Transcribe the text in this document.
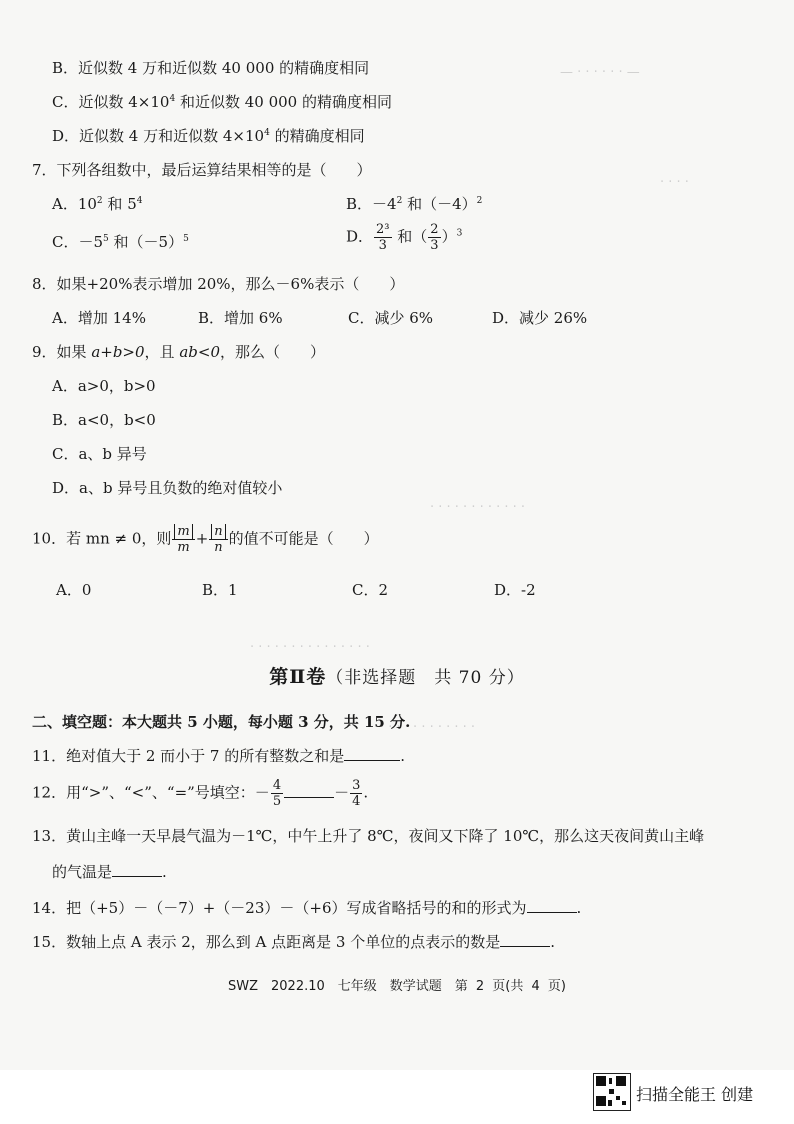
— · · · · · · —
· · · ·
· · · · · · · · · · · ·
· · · · · · · · · · · · · · ·
· · · · · · · · · · · ·
B．近似数 4 万和近似数 40 000 的精确度相同
C．近似数 $4\times 10^4$ 和近似数 40 000 的精确度相同
D．近似数 4 万和近似数 $4\times 10^4$ 的精确度相同
7．下列各组数中，最后运算结果相等的是（　　）
A．$10^2$ 和 $5^4$	B．$-4^2$ 和$(-4)^2$
C．$-5^5$ 和$(-5)^5$	D． $\frac{\text{2³}}{3}$ 和（ $\frac{2}{3} )^3$
8．如果+20%表示增加 20%，那么－6%表示（　　）
A．增加 14%	B．增加 6%	C．减少 6%	D．减少 26%
9．如果 a+b>0，且 ab<0，那么（　　）
A．a>0，b>0
B．a<0，b<0
C．a、b 异号
D．a、b 异号且负数的绝对值较小
10．若 mn ≠ 0，则 $\frac{m}{m} + \frac{n}{n}$ 的值不可能是（　　）
A．0	B．1	C．2	D．-2
第Ⅱ卷（非选择题　共 70 分）
二、填空题：本大题共 5 小题，每小题 3 分，共 15 分.
11．绝对值大于 2 而小于 7 的所有整数之和是	.
12．用“>”、“<”、“=”号填空：－ $\frac{4}{5}$	－ $\frac{3}{4}$ .
13．黄山主峰一天早晨气温为－1℃，中午上升了 8℃，夜间又下降了 10℃，那么这天夜间黄山主峰
的气温是	.
14．把（+5）－（－7）+（－23）－（+6）写成省略括号的和的形式为	.
15．数轴上点 A 表示 2，那么到 A 点距离是 3 个单位的点表示的数是	.
SWZ　2022.10　七年级　数学试题　第 2 页(共 4 页)
扫描全能王 创建
